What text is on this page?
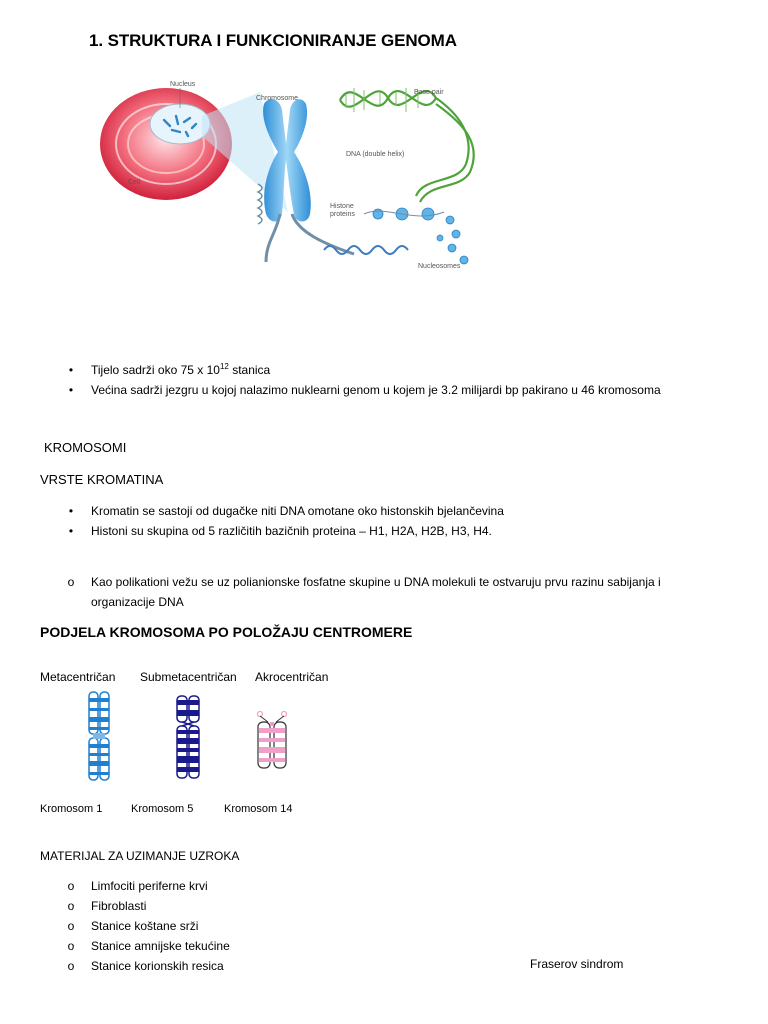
1. STRUKTURA I FUNKCIONIRANJE GENOMA
Nucleus
Cell
Chromosome
Base pair
DNA (double helix)
Histone
proteins
Nucleosomes
•	Tijelo sadrži oko 75 x $10^{12}$ stanica
•	Većina sadrži jezgru u kojoj nalazimo nuklearni genom u kojem je 3.2 milijardi bp pakirano u 46 kromosoma
KROMOSOMI
VRSTE KROMATINA
•	Kromatin se sastoji od dugačke niti DNA omotane oko histonskih bjelančevina
•	Histoni su skupina od 5 različitih bazičnih proteina – H1, H2A, H2B, H3, H4.
o	Kao polikationi vežu se uz polianionske fosfatne skupine u DNA molekuli te ostvaruju prvu razinu sabijanja i organizacije DNA
PODJELA KROMOSOMA PO POLOŽAJU CENTROMERE
Metacentričan Submetacentričan Akrocentričan
Kromosom 1	Kromosom 5	Kromosom 14
MATERIJAL ZA UZIMANJE UZROKA
o	Limfociti periferne krvi
o	Fibroblasti
o	Stanice koštane srži
o	Stanice amnijske tekućine
o	Stanice korionskih resica	Fraserov sindrom
